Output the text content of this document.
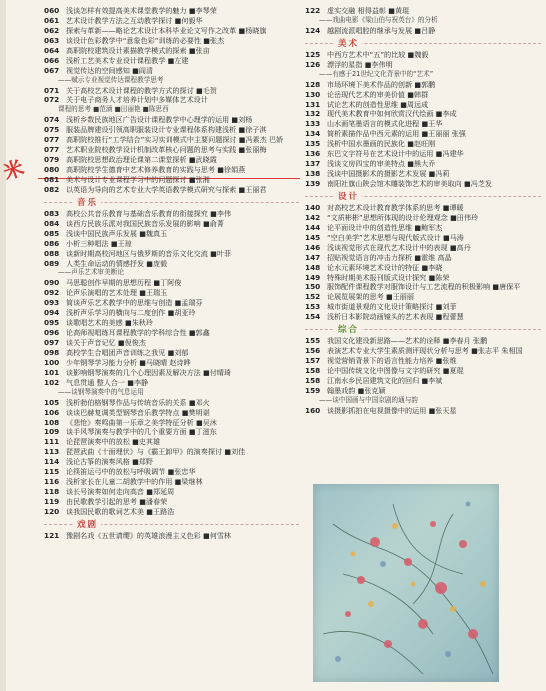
米
060 浅谈怎样有效提高美术课堂教学的魅力 ■李琴荣
061 艺术设计教学方法之互动教学探讨 ■何毅华
062 探索与革新——略论艺术设计本科毕业论文写作之改革 ■杨晓旗
063 谈设计色彩教学中“意象色彩”训练的必要性 ■张杰
064 高职院校建筑设计素描教学模式的探索 ■张亩
066 浅析工艺美术专业设计课程教学 ■左建
067 视觉传达的空间感知 ■阎清
——赋示专业视觉传达课程教学思考
071 关于高校艺术设计课程的教学方式的探讨 ■毛贺
072 关于电子商务人才培养计划中多媒体艺术设计
课程的思考 ■范涵 ■田丽艳 ■陈思西
074 浅析乡数民族地区广告设计课程教学中心理学的运用 ■刘杨
075 服装品牌建设引领高职服装设计专业课程体系构建浅析 ■徐子淇
077 高职院校推行“工学结合”实习实训模式中主要问题探讨 ■冯素杰 巴娇
077 艺术职业院校教学设计机制改革核心问题的思考与实践 ■张丽梅
079 高职院校思想政治理论课第二课堂探析 ■武晓霞
080 高职院校学生德育中艺术修养教育的实践与思考 ■徐娟燕
081 美术与设计专业课程学习中的问题探讨 ■张湘
082 以英语为导向的艺术专业大学英语教学模式研究与探索 ■王丽君
音乐
083 高校公共音乐教育与基础音乐教育的衔接探究 ■李伟
084 谈西方民族乐派对我国民族音乐发展的影响 ■俞菁
085 浅谈中国民族声乐发展 ■魏真玉
086 小析三种唱法 ■王琼
088 谈新时期高校河地区与俄罗斯的音乐文化交流 ■叶菲
089 人类生命运动的情感抒发 ■庞毅
——声乐艺术审美断论
090 马思聪创作早期的思想历程 ■丁阿俊
092 论声乐演唱的艺术处理 ■王瑞玉
093 简谈声乐艺术教学中的思维与创造 ■孟瑞芬
094 浅析声乐学习的横向与二度创作 ■胡亚玲
095 谈歌唱艺术的美感 ■朱秋玲
096 论高师视唱练耳课程教学的学科综合性 ■郭鑫
097 谈关于声音记忆 ■倪俊杰
098 高校学生合唱团声音训练之我见 ■刘郁
100 少年钢琴学习能力分析 ■马晓晴 赵诗晔
101 谈影响钢琴演奏的几个心理因素及解决方法 ■付晴琦
102 气息贯通 整人合一 ■李静
——谈钢琴演奏中的气息运用
105 浅析勃伯格钢琴作品与传统音乐的关系 ■邓火
106 谈谈巴赫复调类型钢琴音乐教学特点 ■樊明谌
108 《悲怆》奏鸣曲第一乐章之美学特征分析 ■吴沐
109 谈手风琴演奏与教学中的几个重要方面 ■丁滋东
111 论琵琶演奏中的放松 ■史其雄
113 琵琶武曲《十面埋伏》与《霸王卸甲》的演奏探讨 ■刘佳
114 浅论古筝的演奏风格 ■郑野
115 论筷笛运弓中的放松与呼吸调节 ■张忠华
116 浅析家长在儿童二胡教学中的作用 ■梁继林
118 谈长号演奏如何走向高音 ■郑延周
119 由民歌教学引起的思考 ■潘春荣
120 谈我国民歌的歌词艺术美 ■王路浩
戏剧
121 豫剧名戏《五世请缨》的英雄浪漫主义色彩 ■何雪林
122 虚实交融 相得益彰 ■黄琨
——戏曲电影《梁山伯与祝英台》的分析
124 越剧流派唱腔的继承与发展 ■吕静
美术
125 中西方艺术中“五”的比较 ■魏毅
126 漂浮的星指 ■李伟明
——有感于21世纪文化背景中的“艺术”
128 市场环境下美术作品的创新 ■郭鹏
130 论岳现代艺术的审美价值 ■韩群
131 试论艺术的创造性思维 ■周远成
132 现代美术教育中如何欣赏汉代绘画 ■李成
133 山水画笔墨语言的模式化进程 ■王华
134 简析素描作品中西元素的运用 ■王丽丽 张强
135 浅析中国水墨画的民族化 ■赵旺刚
136 东巴文字符号在艺术设计中的运用 ■冯建华
137 浅谈文房四宝的审美特点 ■熊大乔
138 浅谈中国摄影术的摄影艺术发展 ■冯莉
139 南阳社旗山陕会馆木雕装饰艺术的审美取向 ■冯芝发
设计
140 对高校艺术设计教育教学体系的思考 ■谭暖
142 “文质彬彬”思想所体现的设计伦理观念 ■田伟玲
144 论平面设计中的创造性思维 ■鲍军杰
145 “空白美学”艺术思想与现代版式设计 ■马涛
146 浅谈视觉形式在现代艺术设计中的表现 ■高丹
147 招贴视觉语言的冲击力探析 ■霍维 高晶
148 论水元素环境艺术设计的特征 ■李晓
149 特殊时期美术报刊版式设计探究 ■陈荣
150 服饰配件课程教学对服饰设计与工艺流程的积极影响 ■唐保平
152 论展览展架的思考 ■王丽丽
153 城市街道景观的文化设计策略探讨 ■刘菲
154 浅析日本影院动画镜头的艺术表现 ■程蕾慧
综合
155 我国文化建设新思路——艺术的诠释 ■李春月 张鹏
156 表演艺术专业大学生素质测评现状分析与思考 ■张志平 朱相国
157 视觉营销背景下的语言性能力培养 ■张维
158 论中国传统文化中图像与文字的研究 ■夏琨
158 江南水乡民居建筑文化的回归 ■李斌
159 翰墨戏韵 ■张克颖
——谈中国画与中国京剧的通与韵
160 谈摄影抓拍在电视摄像中的运用 ■张天星
